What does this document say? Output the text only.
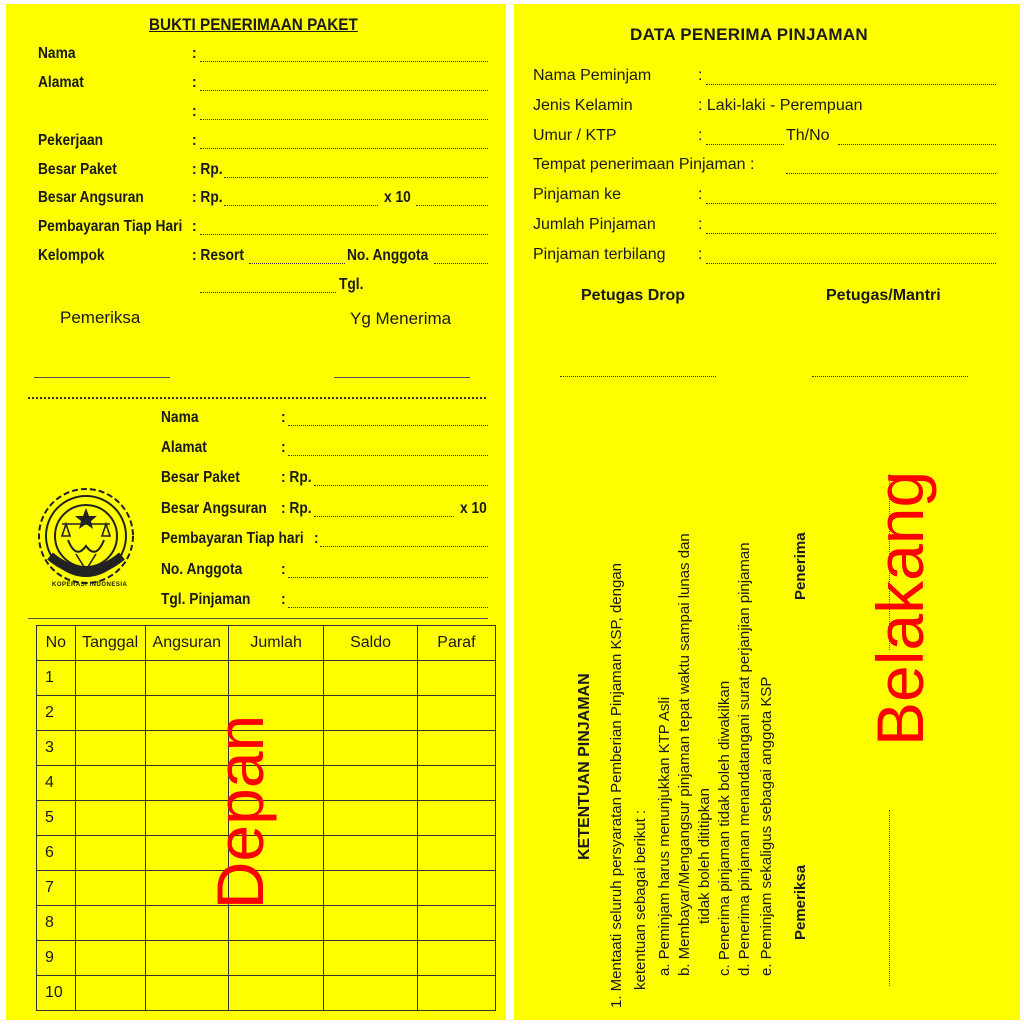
BUKTI PENERIMAAN PAKET
Nama	:
Alamat	:
:
Pekerjaan	:
Besar Paket	: Rp.
Besar Angsuran	: Rp.	x 10
Pembayaran Tiap Hari :
Kelompok	: Resort	No. Anggota
Tgl.
Pemeriksa	Yg Menerima
KOPERASI INDONESIA
Nama	:
Alamat	:
Besar Paket	: Rp.
Besar Angsuran : Rp.	x 10
Pembayaran Tiap hari :
No. Anggota :
Tgl. Pinjaman :
No	Tanggal	Angsuran	Jumlah	Saldo	Paraf
1					
2					
3					
4					
5					
6					
7					
8					
9					
10					
Depan
DATA PENERIMA PINJAMAN
Nama Peminjam	:
Jenis Kelamin	: Laki-laki - Perempuan
Umur / KTP	:	Th/No
Tempat penerimaan Pinjaman :
Pinjaman ke	:
Jumlah Pinjaman	:
Pinjaman terbilang :
Petugas Drop	Petugas/Mantri
KETENTUAN PINJAMAN 1. Mentaati seluruh persyaratan Pemberian Pinjaman KSP, dengan ketentuan sebagai berikut : a. Peminjam harus menunjukkan KTP Asli b. Membayar/Mengangsur pinjaman tepat waktu sampai lunas dan tidak boleh dititipkan c. Penerima pinjaman tidak boleh diwakilkan d. Penerima pinjaman menandatangani surat perjanjian pinjaman e. Peminjam sekaligus sebagai anggota KSP
Penerima
Pemeriksa
Belakang
